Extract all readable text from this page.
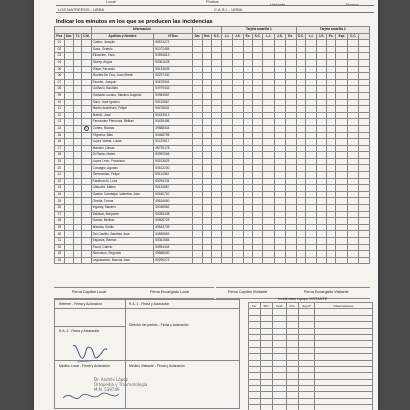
Local	Puntos
Visitante	Puntos
LOS MATREROS - URBA	C.A.S.I. - URBA
Indicar los minutos en los que se producen las incidencias
				Información					Tarjeta amarilla 1							Tarjeta amarilla 2						
Pos	Dor.	T.L	C.M.	Apellido y Nombre	N°Doc	Sal.	Ent.	S.C.	L.I.	J.S.	Ex.	S.C.	L.I.	J.S.	Ex.	S.C.	L.I.	J.S.	Ex.	Exp.	C.C.	
01				Castro, Joaquin	55513272																	
02				Sosa, Octavio	51072455																	
03				Elizarribe, Facu	50594813																	
04				Storey, Angus	50361628																	
05				Olivar, Facundo	50133835																	
06				Montes De Oca, Juan Martin	50297430																	
07				Escribo, Joaquin	50670541																	
08				Guiñazú, Bautista	50979343																	
09				Hamada Lozano, Maximo Augusto	50984587																	
10				Sanz, José Ignacio	50415667																	
11				Martín Aramburú, Felipe	50476631																	
12				Matelo, José	50433513																	
13				Fernandez Pierconia, Beltran	50439486																	
14			C	Cortes, Nicolas	49588444																	
15				Filgueira, Blas	50468795																	
16				Lopez Varela, Lucas	51123517																	
17				Mancini, Dimas	48739178																	
18				Di Paola, Mateo	50992066																	
19				Lopez Leon, Francisco	50153629																	
20				Caruagio, Agustin	50512230																	
21				Serenarrian, Felipe	50114362																	
22				Farabocchi, Luca	50294134																	
23				Cifaudini, Mateo	50134887																	
24				Gaston Carabajal, Valentino Jose	50440720																	
25				Orrella, Tomas	49816650																	
26				Irigaray, Maximo	50048582																	
27				Zaldivar, Benjamin	50289438																	
28				Garcia, Benicio	50505729																	
29				Marotta, Emilio	49843735																	
30				Del Castillo, Bautista Jose	50596859																	
31				Esparza, Ramon	50361584																	
32				Facut, Camilo	50554444																	
33				Nicholson, Segundo	49588600																	
34				Leguizamon, Marcos Jose	50299272																	
Firma Capitán Local	Firma Encargado Local	Firma Capitán Visitante	Firma Encargado Visitante
Referee - Firma y Aclaración	R.A. 1 - Firma y Aclaración
R.A. 2 - Firma y Aclaración
Director del partido - Firma y Aclaración
Médico Local - Firma y Aclaración	Médico Visitante - Firma y Aclaración
Dr. Andrés López
Ortopedia y Traumatología
M.N. 539749
Incidencias equipo VISITANTE
Tie.	Min.	Incid.	Pos.	Jug.N°	Observaciones
